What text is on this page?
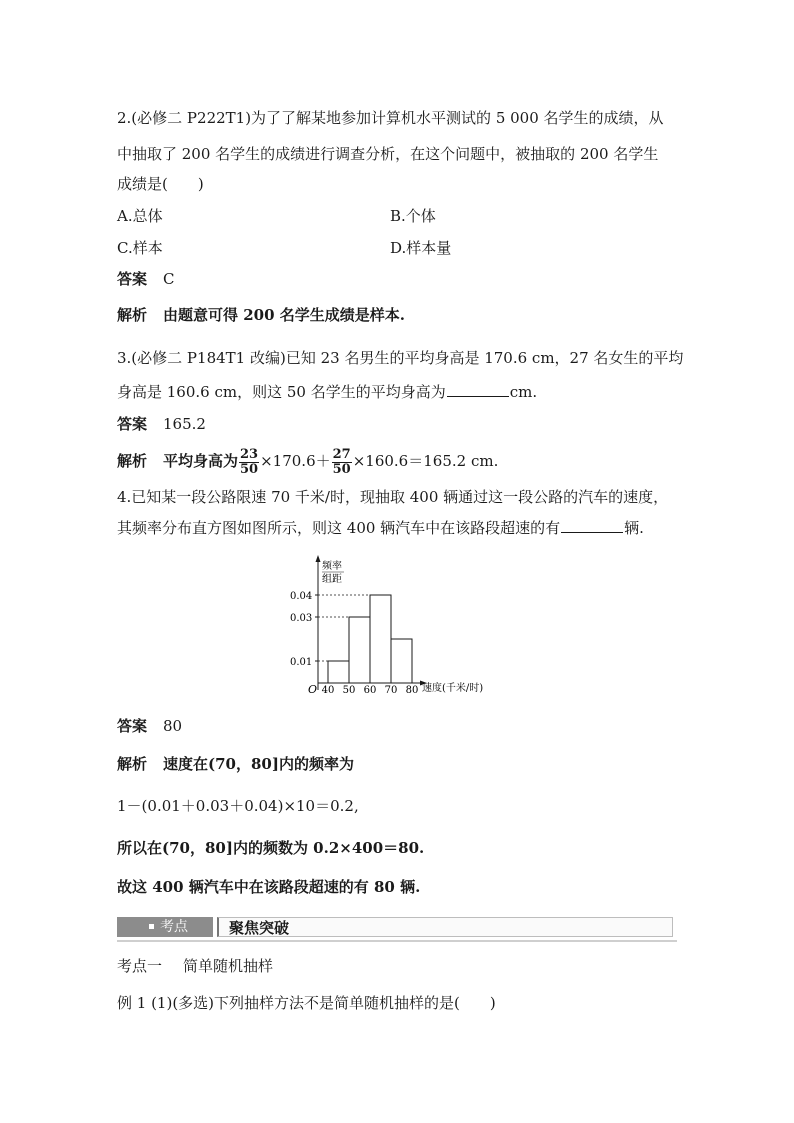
2.(必修二 P222T1)为了了解某地参加计算机水平测试的 5 000 名学生的成绩，从
中抽取了 200 名学生的成绩进行调查分析，在这个问题中，被抽取的 200 名学生
成绩是(　　)
A.总体	B.个体
C.样本	D.样本量
答案 C
解析 由题意可得 200 名学生成绩是样本.
3.(必修二 P184T1 改编)已知 23 名男生的平均身高是 170.6 cm，27 名女生的平均
身高是 160.6 cm，则这 50 名学生的平均身高为	cm.
答案 165.2
解析 平均身高为 $\frac{23}{50} \times 170.6+ \frac{27}{50} \times 160.6=165.2$ cm.
4.已知某一段公路限速 70 千米/时，现抽取 400 辆通过这一段公路的汽车的速度，
其频率分布直方图如图所示，则这 400 辆汽车中在该路段超速的有	辆.
频率
组距
O	速度(千米/时)
0.01
0.03
0.04
40 50 60 70 80
答案 80
解析 速度在(70，80]内的频率为
1－(0.01＋0.03＋0.04)×10＝0.2,
所以在(70，80]内的频数为 0.2×400＝80.
故这 400 辆汽车中在该路段超速的有 80 辆.
考点	聚焦突破
考点一 简单随机抽样
例 1 (1)(多选)下列抽样方法不是简单随机抽样的是(　　)
